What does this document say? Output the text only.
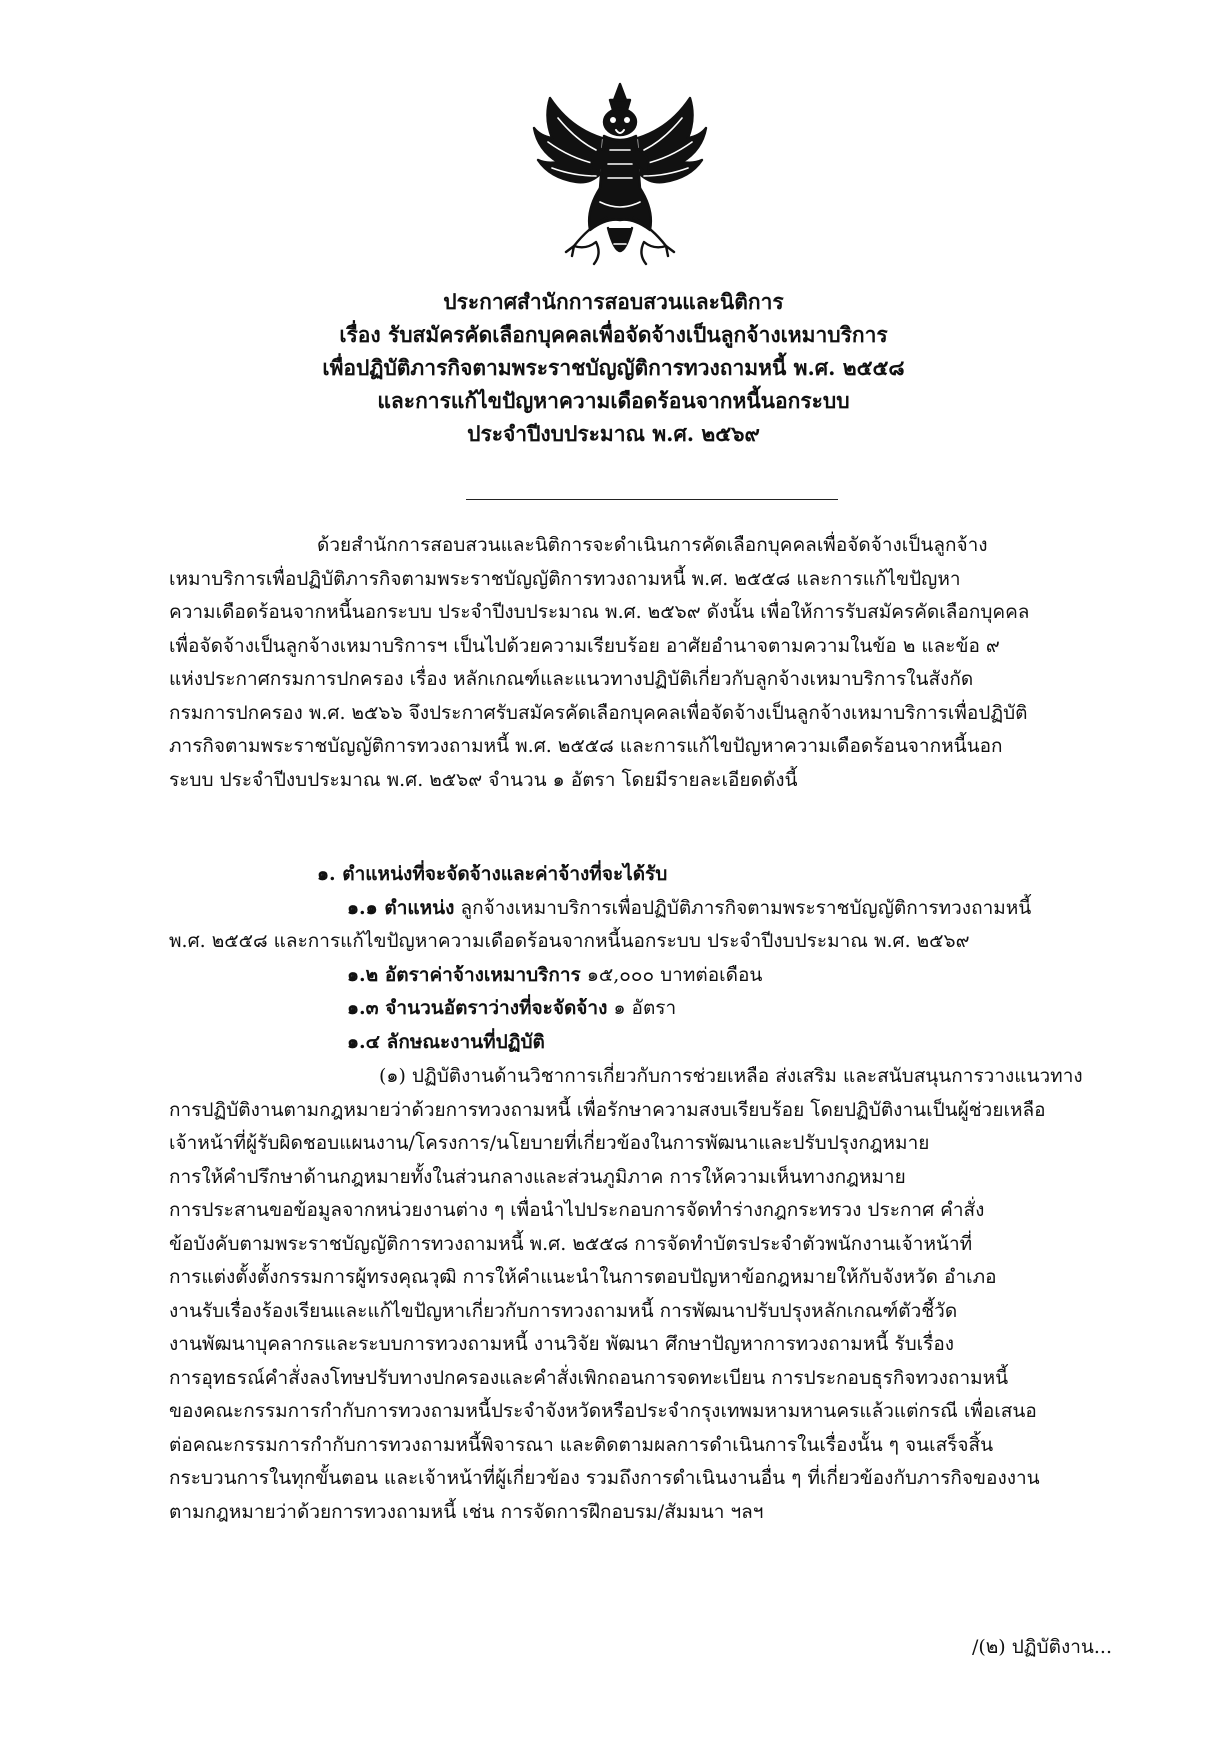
ประกาศสำนักการสอบสวนและนิติการ
เรื่อง รับสมัครคัดเลือกบุคคลเพื่อจัดจ้างเป็นลูกจ้างเหมาบริการ
เพื่อปฏิบัติภารกิจตามพระราชบัญญัติการทวงถามหนี้ พ.ศ. ๒๕๕๘
และการแก้ไขปัญหาความเดือดร้อนจากหนี้นอกระบบ
ประจำปีงบประมาณ พ.ศ. ๒๕๖๙
ด้วยสำนักการสอบสวนและนิติการจะดำเนินการคัดเลือกบุคคลเพื่อจัดจ้างเป็นลูกจ้าง
เหมาบริการเพื่อปฏิบัติภารกิจตามพระราชบัญญัติการทวงถามหนี้ พ.ศ. ๒๕๕๘ และการแก้ไขปัญหา
ความเดือดร้อนจากหนี้นอกระบบ ประจำปีงบประมาณ พ.ศ. ๒๕๖๙ ดังนั้น เพื่อให้การรับสมัครคัดเลือกบุคคล
เพื่อจัดจ้างเป็นลูกจ้างเหมาบริการฯ เป็นไปด้วยความเรียบร้อย อาศัยอำนาจตามความในข้อ ๒ และข้อ ๙
แห่งประกาศกรมการปกครอง เรื่อง หลักเกณฑ์และแนวทางปฏิบัติเกี่ยวกับลูกจ้างเหมาบริการในสังกัด
กรมการปกครอง พ.ศ. ๒๕๖๖ จึงประกาศรับสมัครคัดเลือกบุคคลเพื่อจัดจ้างเป็นลูกจ้างเหมาบริการเพื่อปฏิบัติ
ภารกิจตามพระราชบัญญัติการทวงถามหนี้ พ.ศ. ๒๕๕๘ และการแก้ไขปัญหาความเดือดร้อนจากหนี้นอก
ระบบ ประจำปีงบประมาณ พ.ศ. ๒๕๖๙ จำนวน ๑ อัตรา โดยมีรายละเอียดดังนี้
๑. ตำแหน่งที่จะจัดจ้างและค่าจ้างที่จะได้รับ
๑.๑ ตำแหน่ง ลูกจ้างเหมาบริการเพื่อปฏิบัติภารกิจตามพระราชบัญญัติการทวงถามหนี้
พ.ศ. ๒๕๕๘ และการแก้ไขปัญหาความเดือดร้อนจากหนี้นอกระบบ ประจำปีงบประมาณ พ.ศ. ๒๕๖๙
๑.๒ อัตราค่าจ้างเหมาบริการ ๑๕,๐๐๐ บาทต่อเดือน
๑.๓ จำนวนอัตราว่างที่จะจัดจ้าง ๑ อัตรา
๑.๔ ลักษณะงานที่ปฏิบัติ
(๑) ปฏิบัติงานด้านวิชาการเกี่ยวกับการช่วยเหลือ ส่งเสริม และสนับสนุนการวางแนวทาง
การปฏิบัติงานตามกฎหมายว่าด้วยการทวงถามหนี้ เพื่อรักษาความสงบเรียบร้อย โดยปฏิบัติงานเป็นผู้ช่วยเหลือ
เจ้าหน้าที่ผู้รับผิดชอบแผนงาน/โครงการ/นโยบายที่เกี่ยวข้องในการพัฒนาและปรับปรุงกฎหมาย
การให้คำปรึกษาด้านกฎหมายทั้งในส่วนกลางและส่วนภูมิภาค การให้ความเห็นทางกฎหมาย
การประสานขอข้อมูลจากหน่วยงานต่าง ๆ เพื่อนำไปประกอบการจัดทำร่างกฎกระทรวง ประกาศ คำสั่ง
ข้อบังคับตามพระราชบัญญัติการทวงถามหนี้ พ.ศ. ๒๕๕๘ การจัดทำบัตรประจำตัวพนักงานเจ้าหน้าที่
การแต่งตั้งตั้งกรรมการผู้ทรงคุณวุฒิ การให้คำแนะนำในการตอบปัญหาข้อกฎหมายให้กับจังหวัด อำเภอ
งานรับเรื่องร้องเรียนและแก้ไขปัญหาเกี่ยวกับการทวงถามหนี้ การพัฒนาปรับปรุงหลักเกณฑ์ตัวชี้วัด
งานพัฒนาบุคลากรและระบบการทวงถามหนี้ งานวิจัย พัฒนา ศึกษาปัญหาการทวงถามหนี้ รับเรื่อง
การอุทธรณ์คำสั่งลงโทษปรับทางปกครองและคำสั่งเพิกถอนการจดทะเบียน การประกอบธุรกิจทวงถามหนี้
ของคณะกรรมการกำกับการทวงถามหนี้ประจำจังหวัดหรือประจำกรุงเทพมหามหานครแล้วแต่กรณี เพื่อเสนอ
ต่อคณะกรรมการกำกับการทวงถามหนี้พิจารณา และติดตามผลการดำเนินการในเรื่องนั้น ๆ จนเสร็จสิ้น
กระบวนการในทุกขั้นตอน และเจ้าหน้าที่ผู้เกี่ยวข้อง รวมถึงการดำเนินงานอื่น ๆ ที่เกี่ยวข้องกับภารกิจของงาน
ตามกฎหมายว่าด้วยการทวงถามหนี้ เช่น การจัดการฝึกอบรม/สัมมนา ฯลฯ
/(๒) ปฏิบัติงาน...
